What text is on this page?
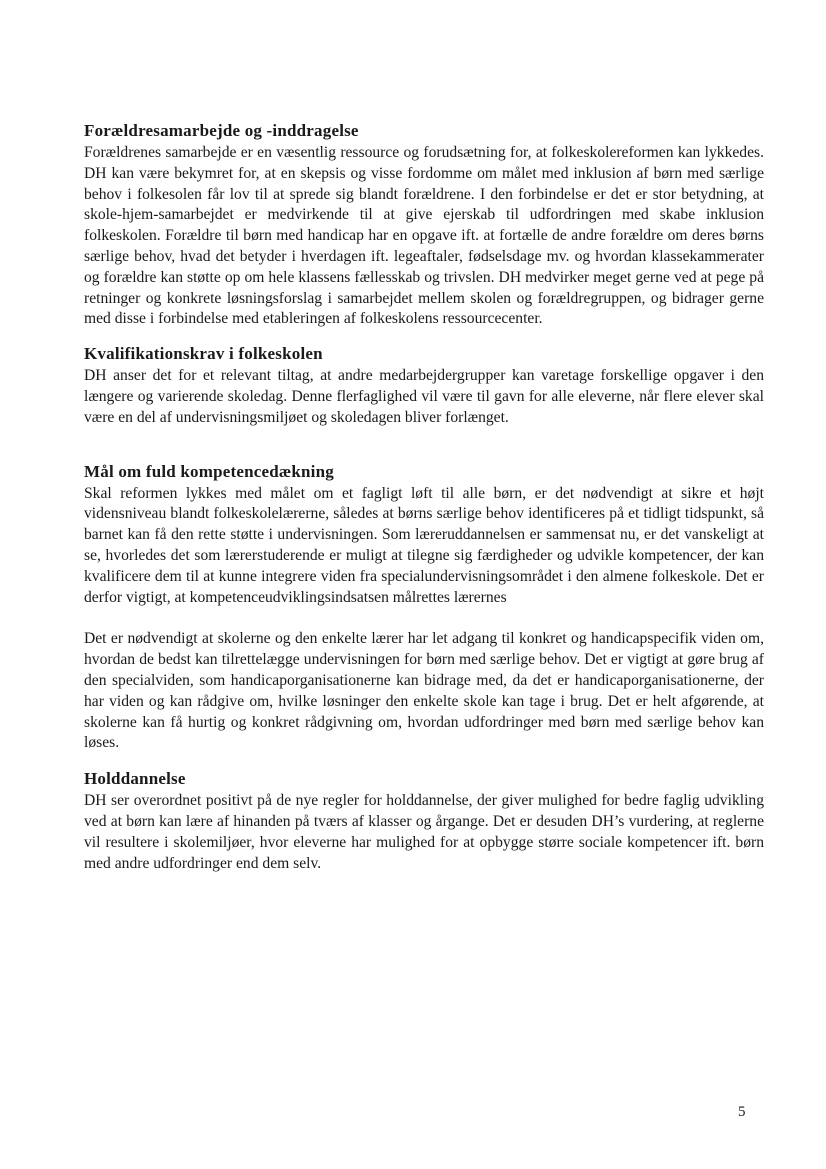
Forældresamarbejde og -inddragelse

Forældrenes samarbejde er en væsentlig ressource og forudsætning for, at folkeskolereformen kan lykkedes. DH kan være bekymret for, at en skepsis og visse fordomme om målet med inklusion af børn med særlige behov i folkesolen får lov til at sprede sig blandt forældrene. I den forbindelse er det er stor betydning, at skole-hjem-samarbejdet er medvirkende til at give ejerskab til udfordringen med skabe inklusion folkeskolen. Forældre til børn med handicap har en opgave ift. at fortælle de andre forældre om deres børns særlige behov, hvad det betyder i hverdagen ift. legeaftaler, fødselsdage mv. og hvordan klassekammerater og forældre kan støtte op om hele klassens fællesskab og trivslen. DH medvirker meget gerne ved at pege på retninger og konkrete løsningsforslag i samarbejdet mellem skolen og forældregruppen, og bidrager gerne med disse i forbindelse med etableringen af folkeskolens ressourcecenter.

Kvalifikationskrav i folkeskolen

DH anser det for et relevant tiltag, at andre medarbejdergrupper kan varetage forskellige opgaver i den længere og varierende skoledag. Denne flerfaglighed vil være til gavn for alle eleverne, når flere elever skal være en del af undervisningsmiljøet og skoledagen bliver forlænget.

Mål om fuld kompetencedækning

Skal reformen lykkes med målet om et fagligt løft til alle børn, er det nødvendigt at sikre et højt vidensniveau blandt folkeskolelærerne, således at børns særlige behov identificeres på et tidligt tidspunkt, så barnet kan få den rette støtte i undervisningen. Som læreruddannelsen er sammensat nu, er det vanskeligt at se, hvorledes det som lærerstuderende er muligt at tilegne sig færdigheder og udvikle kompetencer, der kan kvalificere dem til at kunne integrere viden fra specialundervisningsområdet i den almene folkeskole. Det er derfor vigtigt, at kompetenceudviklingsindsatsen målrettes lærernes

Det er nødvendigt at skolerne og den enkelte lærer har let adgang til konkret og handicapspecifik viden om, hvordan de bedst kan tilrettelægge undervisningen for børn med særlige behov. Det er vigtigt at gøre brug af den specialviden, som handicaporganisationerne kan bidrage med, da det er handicaporganisationerne, der har viden og kan rådgive om, hvilke løsninger den enkelte skole kan tage i brug. Det er helt afgørende, at skolerne kan få hurtig og konkret rådgivning om, hvordan udfordringer med børn med særlige behov kan løses.

Holddannelse

DH ser overordnet positivt på de nye regler for holddannelse, der giver mulighed for bedre faglig udvikling ved at børn kan lære af hinanden på tværs af klasser og årgange. Det er desuden DH’s vurdering, at reglerne vil resultere i skolemiljøer, hvor eleverne har mulighed for at opbygge større sociale kompetencer ift. børn med andre udfordringer end dem selv.

5
